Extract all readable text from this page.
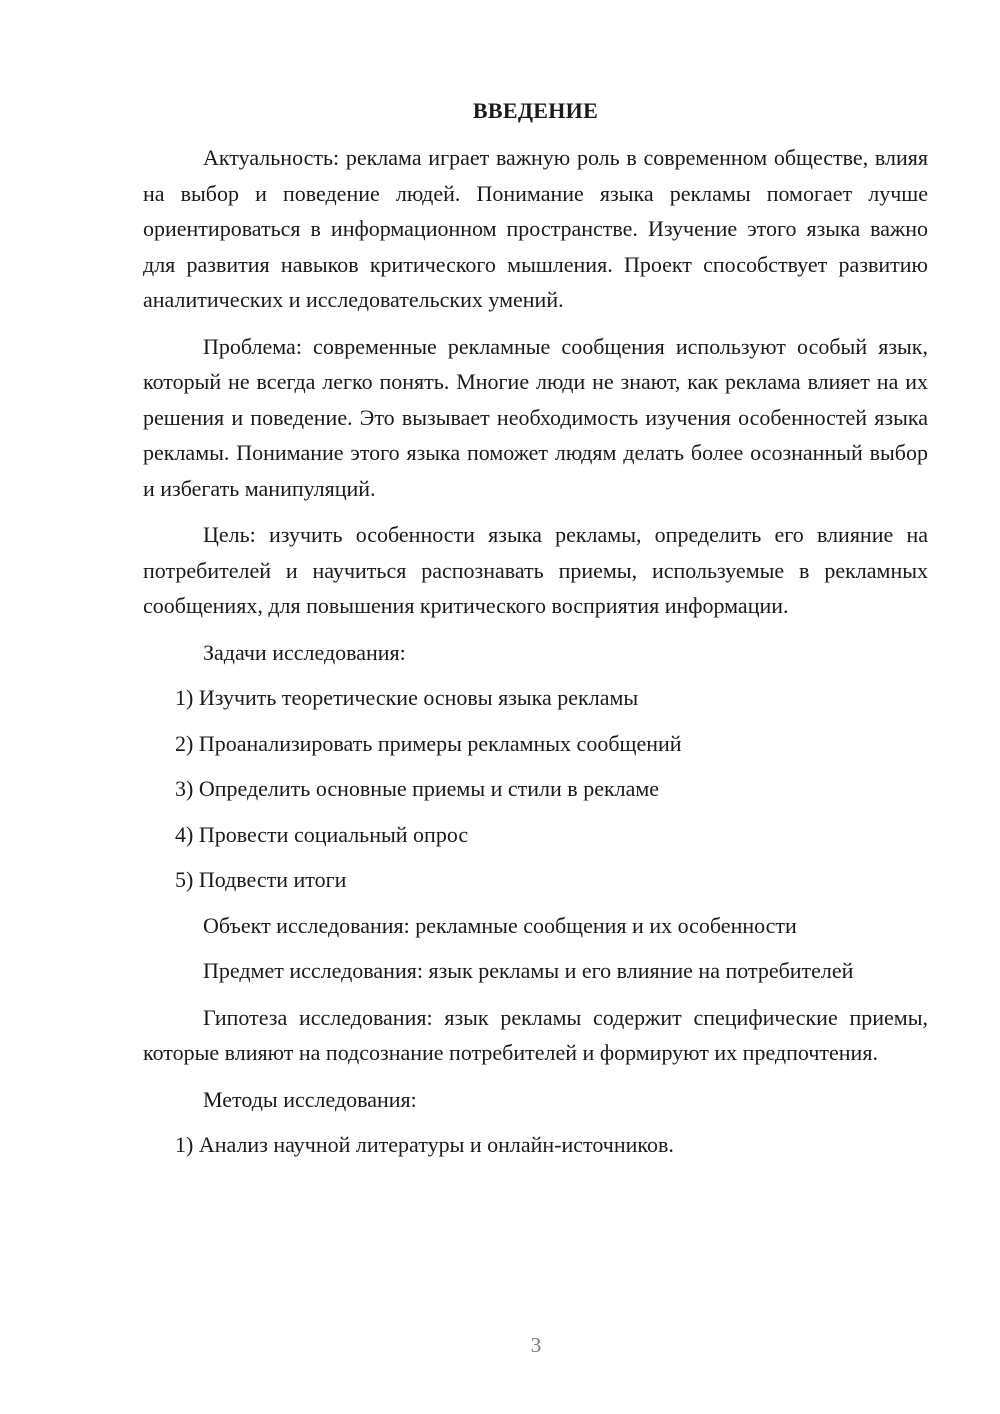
ВВЕДЕНИЕ

Актуальность: реклама играет важную роль в современном обществе, влияя на выбор и поведение людей. Понимание языка рекламы помогает лучше ориентироваться в информационном пространстве. Изучение этого языка важно для развития навыков критического мышления. Проект способствует развитию аналитических и исследовательских умений.

Проблема: современные рекламные сообщения используют особый язык, который не всегда легко понять. Многие люди не знают, как реклама влияет на их решения и поведение. Это вызывает необходимость изучения особенностей языка рекламы. Понимание этого языка поможет людям делать более осознанный выбор и избегать манипуляций.

Цель: изучить особенности языка рекламы, определить его влияние на потребителей и научиться распознавать приемы, используемые в рекламных сообщениях, для повышения критического восприятия информации.

Задачи исследования:
1) Изучить теоретические основы языка рекламы
2) Проанализировать примеры рекламных сообщений
3) Определить основные приемы и стили в рекламе
4) Провести социальный опрос
5) Подвести итоги
Объект исследования: рекламные сообщения и их особенности

Предмет исследования: язык рекламы и его влияние на потребителей

Гипотеза исследования: язык рекламы содержит специфические приемы, которые влияют на подсознание потребителей и формируют их предпочтения.

Методы исследования:
1) Анализ научной литературы и онлайн-источников.
3
